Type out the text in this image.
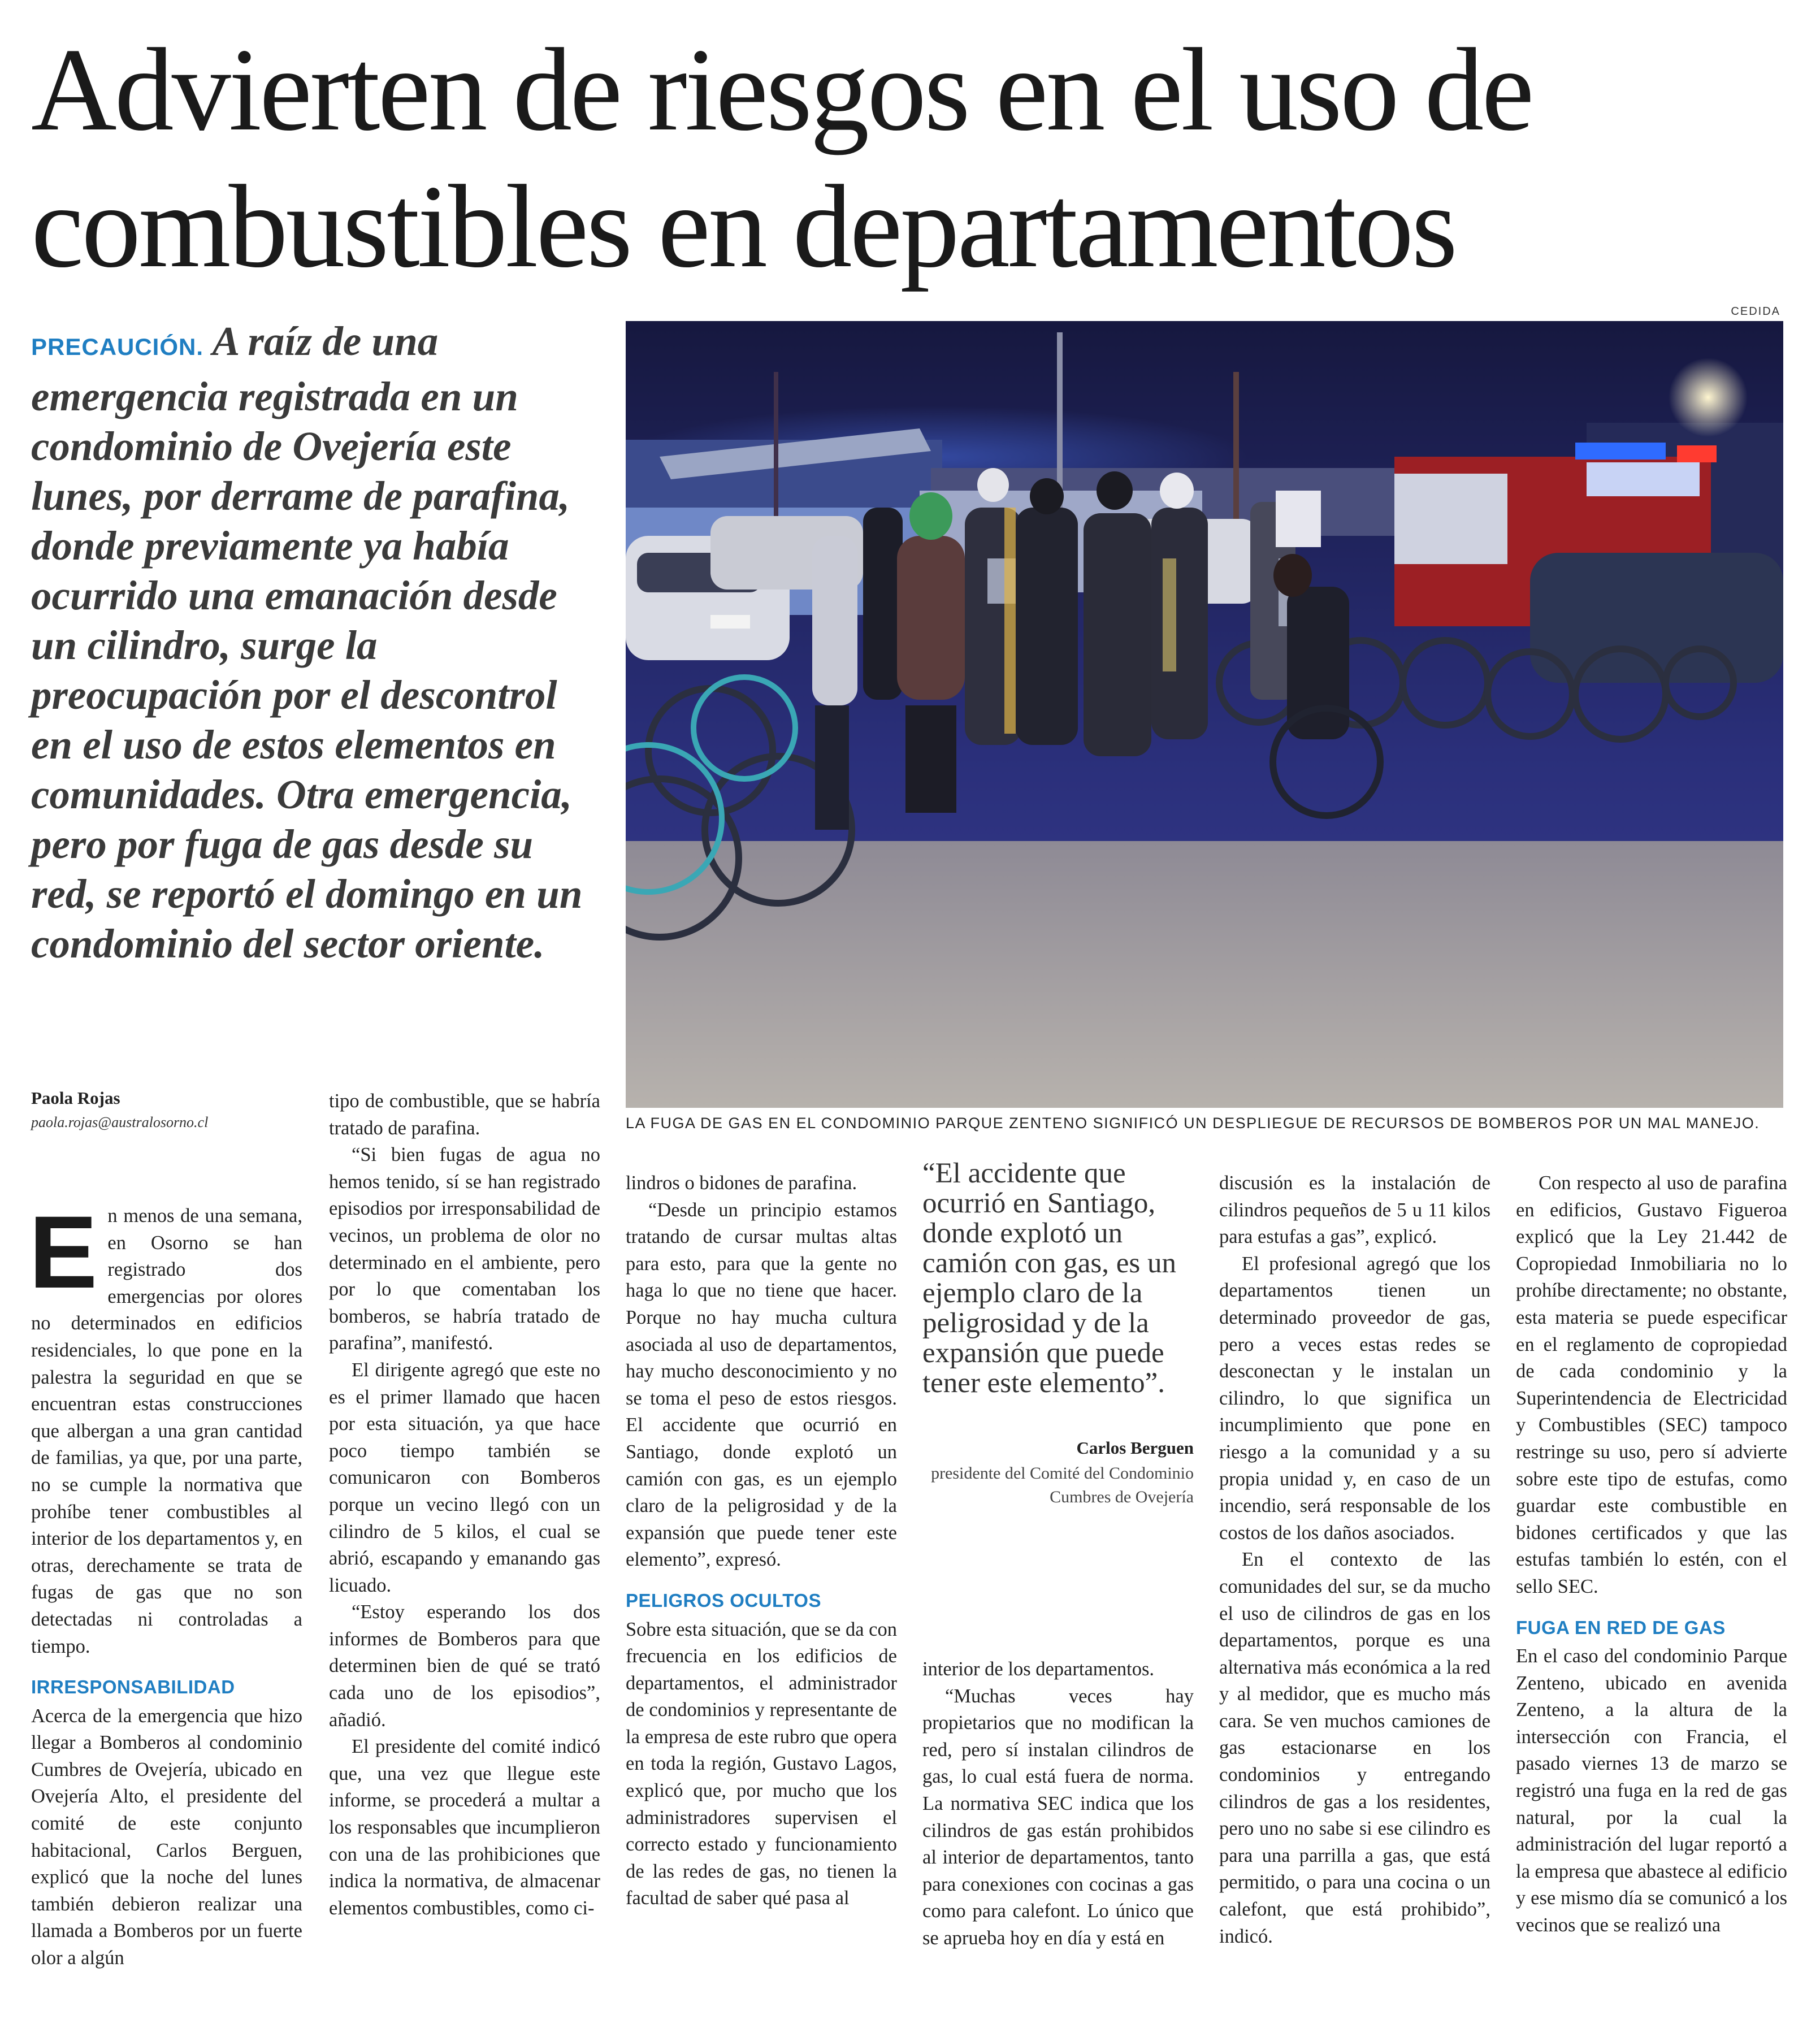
Advierten de riesgos en el uso de combustibles en departamentos

PRECAUCIÓN. A raíz de una emergencia registrada en un condominio de Ovejería este lunes, por derrame de parafina, donde previamente ya había ocurrido una emanación desde un cilindro, surge la preocupación por el descontrol en el uso de estos elementos en comunidades. Otra emergencia, pero por fuga de gas desde su red, se reportó el domingo en un condominio del sector oriente.

CEDIDA

LA FUGA DE GAS EN EL CONDOMINIO PARQUE ZENTENO SIGNIFICÓ UN DESPLIEGUE DE RECURSOS DE BOMBEROS POR UN MAL MANEJO.

Paola Rojas

paola.rojas@australosorno.cl

En menos de una semana, en Osorno se han registrado dos emergencias por olores no determinados en edificios residenciales, lo que pone en la palestra la seguridad en que se encuentran estas construcciones que albergan a una gran cantidad de familias, ya que, por una parte, no se cumple la normativa que prohíbe tener combustibles al interior de los departamentos y, en otras, derechamente se trata de fugas de gas que no son detectadas ni controladas a tiempo.

IRRESPONSABILIDAD

Acerca de la emergencia que hizo llegar a Bomberos al condominio Cumbres de Ovejería, ubicado en Ovejería Alto, el presidente del comité de este conjunto habitacional, Carlos Berguen, explicó que la noche del lunes también debieron realizar una llamada a Bomberos por un fuerte olor a algún

tipo de combustible, que se habría tratado de parafina.

“Si bien fugas de agua no hemos tenido, sí se han registrado episodios por irresponsabilidad de vecinos, un problema de olor no determinado en el ambiente, pero por lo que comentaban los bomberos, se habría tratado de parafina”, manifestó.

El dirigente agregó que este no es el primer llamado que hacen por esta situación, ya que hace poco tiempo también se comunicaron con Bomberos porque un vecino llegó con un cilindro de 5 kilos, el cual se abrió, escapando y emanando gas licuado.

“Estoy esperando los dos informes de Bomberos para que determinen bien de qué se trató cada uno de los episodios”, añadió.

El presidente del comité indicó que, una vez que llegue este informe, se procederá a multar a los responsables que incumplieron con una de las prohibiciones que indica la normativa, de almacenar elementos combustibles, como ci-

lindros o bidones de parafina.

“Desde un principio estamos tratando de cursar multas altas para esto, para que la gente no haga lo que no tiene que hacer. Porque no hay mucha cultura asociada al uso de departamentos, hay mucho desconocimiento y no se toma el peso de estos riesgos. El accidente que ocurrió en Santiago, donde explotó un camión con gas, es un ejemplo claro de la peligrosidad y de la expansión que puede tener este elemento”, expresó.

PELIGROS OCULTOS

Sobre esta situación, que se da con frecuencia en los edificios de departamentos, el administrador de condominios y representante de la empresa de este rubro que opera en toda la región, Gustavo Lagos, explicó que, por mucho que los administradores supervisen el correcto estado y funcionamiento de las redes de gas, no tienen la facultad de saber qué pasa al

“El accidente que ocurrió en Santiago, donde explotó un camión con gas, es un ejemplo claro de la peligrosidad y de la expansión que puede tener este elemento”.

Carlos Berguen

presidente del Comité del Condominio Cumbres de Ovejería

interior de los departamentos.

“Muchas veces hay propietarios que no modifican la red, pero sí instalan cilindros de gas, lo cual está fuera de norma. La normativa SEC indica que los cilindros de gas están prohibidos al interior de departamentos, tanto para conexiones con cocinas a gas como para calefont. Lo único que se aprueba hoy en día y está en

discusión es la instalación de cilindros pequeños de 5 u 11 kilos para estufas a gas”, explicó.

El profesional agregó que los departamentos tienen un determinado proveedor de gas, pero a veces estas redes se desconectan y le instalan un cilindro, lo que significa un incumplimiento que pone en riesgo a la comunidad y a su propia unidad y, en caso de un incendio, será responsable de los costos de los daños asociados.

En el contexto de las comunidades del sur, se da mucho el uso de cilindros de gas en los departamentos, porque es una alternativa más económica a la red y al medidor, que es mucho más cara. Se ven muchos camiones de gas estacionarse en los condominios y entregando cilindros de gas a los residentes, pero uno no sabe si ese cilindro es para una parrilla a gas, que está permitido, o para una cocina o un calefont, que está prohibido”, indicó.

Con respecto al uso de parafina en edificios, Gustavo Figueroa explicó que la Ley 21.442 de Copropiedad Inmobiliaria no lo prohíbe directamente; no obstante, esta materia se puede especificar en el reglamento de copropiedad de cada condominio y la Superintendencia de Electricidad y Combustibles (SEC) tampoco restringe su uso, pero sí advierte sobre este tipo de estufas, como guardar este combustible en bidones certificados y que las estufas también lo estén, con el sello SEC.

FUGA EN RED DE GAS

En el caso del condominio Parque Zenteno, ubicado en avenida Zenteno, a la altura de la intersección con Francia, el pasado viernes 13 de marzo se registró una fuga en la red de gas natural, por la cual la administración del lugar reportó a la empresa que abastece al edificio y ese mismo día se comunicó a los vecinos que se realizó una
